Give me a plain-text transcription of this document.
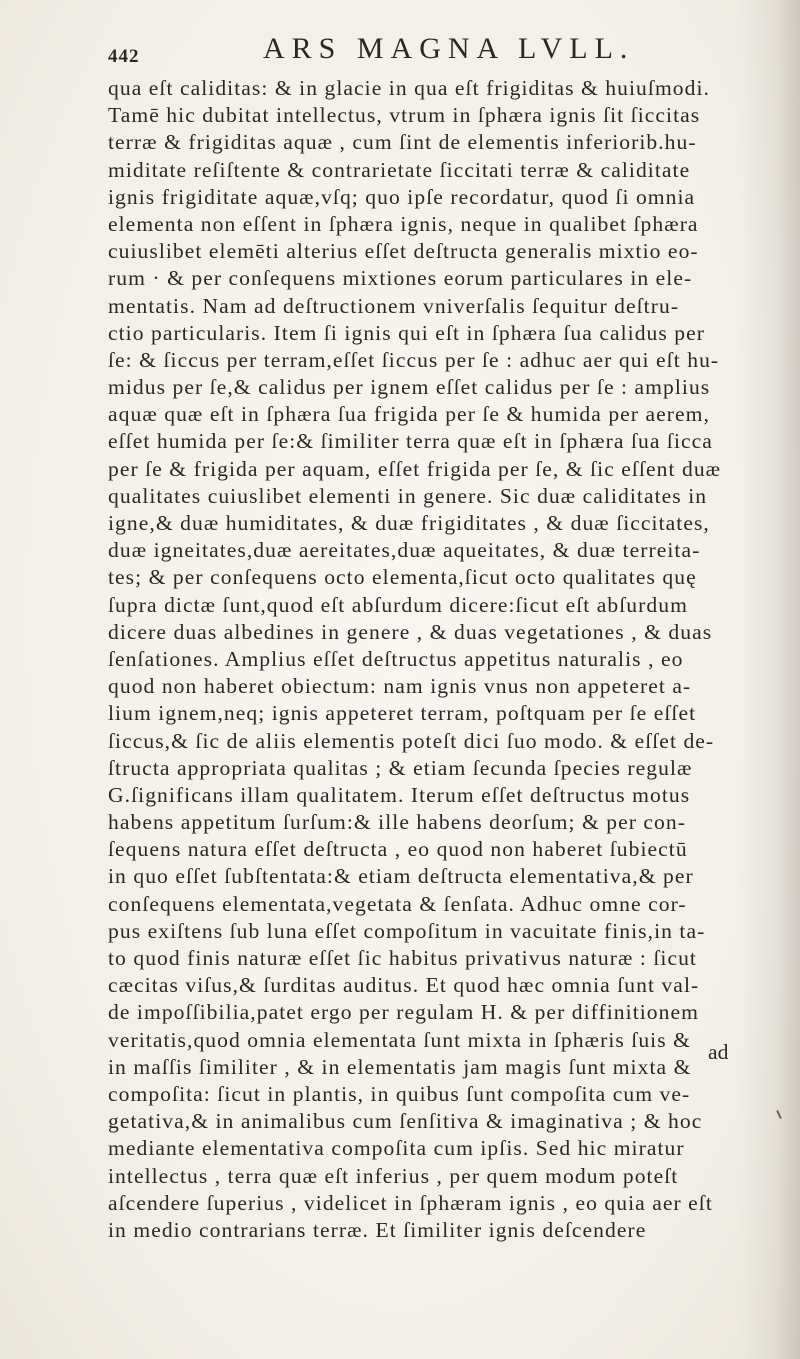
442	ARS MAGNA LVLL.
qua eſt caliditas: & in glacie in qua eſt frigiditas & huiuſmodi.
Tamē hic dubitat intellectus, vtrum in ſphæra ignis ſit ſiccitas
terræ & frigiditas aquæ , cum ſint de elementis inferiorib.hu-
miditate reſiſtente & contrarietate ſiccitati terræ & caliditate
ignis frigiditate aquæ,vſq; quo ipſe recordatur, quod ſi omnia
elementa non eſſent in ſphæra ignis, neque in qualibet ſphæra
cuiuslibet elemēti alterius eſſet deſtructa generalis mixtio eo-
rum · & per conſequens mixtiones eorum particulares in ele-
mentatis. Nam ad deſtructionem vniverſalis ſequitur deſtru-
ctio particularis. Item ſi ignis qui eſt in ſphæra ſua calidus per
ſe: & ſiccus per terram,eſſet ſiccus per ſe : adhuc aer qui eſt hu-
midus per ſe,& calidus per ignem eſſet calidus per ſe : amplius
aquæ quæ eſt in ſphæra ſua frigida per ſe & humida per aerem,
eſſet humida per ſe:& ſimiliter terra quæ eſt in ſphæra ſua ſicca
per ſe & frigida per aquam, eſſet frigida per ſe, & ſic eſſent duæ
qualitates cuiuslibet elementi in genere. Sic duæ caliditates in
igne,& duæ humiditates, & duæ frigiditates , & duæ ſiccitates,
duæ igneitates,duæ aereitates,duæ aqueitates, & duæ terreita-
tes; & per conſequens octo elementa,ſicut octo qualitates quę
ſupra dictæ ſunt,quod eſt abſurdum dicere:ſicut eſt abſurdum
dicere duas albedines in genere , & duas vegetationes , & duas
ſenſationes. Amplius eſſet deſtructus appetitus naturalis , eo
quod non haberet obiectum: nam ignis vnus non appeteret a-
lium ignem,neq; ignis appeteret terram, poſtquam per ſe eſſet
ſiccus,& ſic de aliis elementis poteſt dici ſuo modo. & eſſet de-
ſtructa appropriata qualitas ; & etiam ſecunda ſpecies regulæ
G.ſignificans illam qualitatem. Iterum eſſet deſtructus motus
habens appetitum ſurſum:& ille habens deorſum; & per con-
ſequens natura eſſet deſtructa , eo quod non haberet ſubiectū
in quo eſſet ſubſtentata:& etiam deſtructa elementativa,& per
conſequens elementata,vegetata & ſenſata. Adhuc omne cor-
pus exiſtens ſub luna eſſet compoſitum in vacuitate finis,in ta-
to quod finis naturæ eſſet ſic habitus privativus naturæ : ſicut
cæcitas viſus,& ſurditas auditus. Et quod hæc omnia ſunt val-
de impoſſibilia,patet ergo per regulam H. & per diffinitionem
veritatis,quod omnia elementata ſunt mixta in ſphæris ſuis &
in maſſis ſimiliter , & in elementatis jam magis ſunt mixta &
compoſita: ſicut in plantis, in quibus ſunt compoſita cum ve-
getativa,& in animalibus cum ſenſitiva & imaginativa ; & hoc
mediante elementativa compoſita cum ipſis. Sed hic miratur
intellectus , terra quæ eſt inferius , per quem modum poteſt
aſcendere ſuperius , videlicet in ſphæram ignis , eo quia aer eſt
in medio contrarians terræ. Et ſimiliter ignis deſcendere
ad
